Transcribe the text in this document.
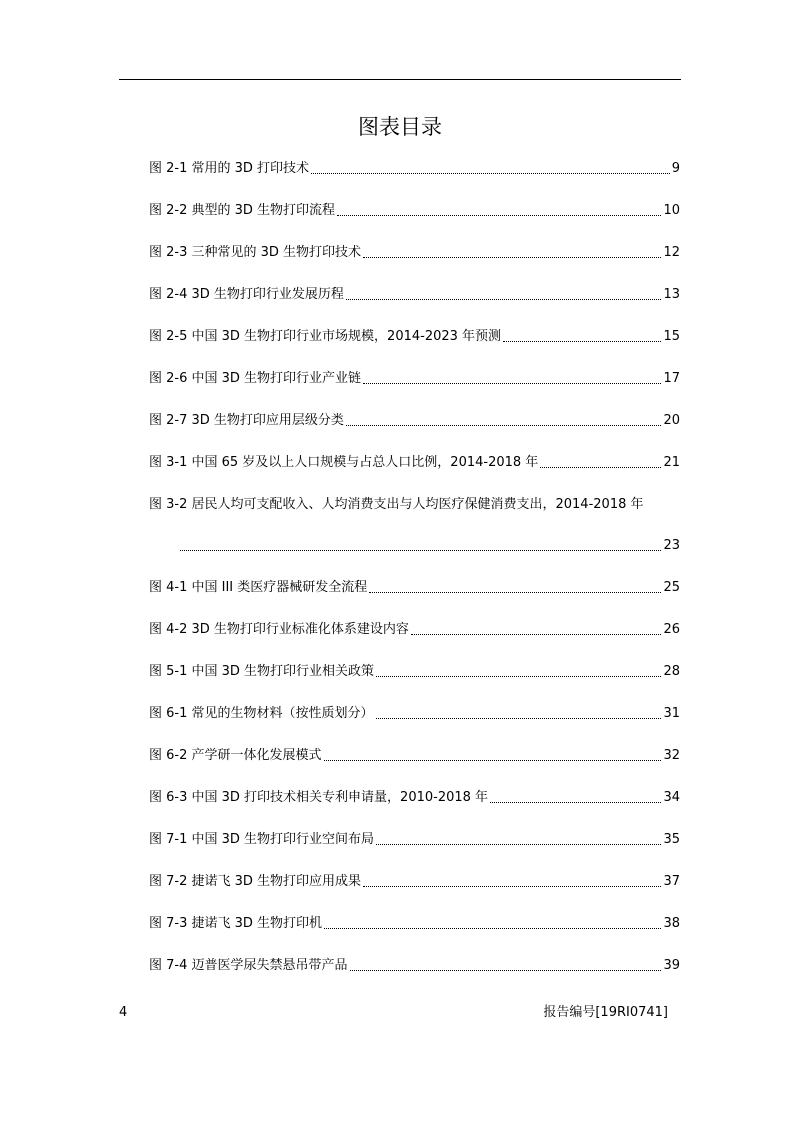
图表目录
图 2-1 常用的 3D 打印技术	9
图 2-2 典型的 3D 生物打印流程	10
图 2-3 三种常见的 3D 生物打印技术	12
图 2-4 3D 生物打印行业发展历程	13
图 2-5 中国 3D 生物打印行业市场规模，2014-2023 年预测	15
图 2-6 中国 3D 生物打印行业产业链	17
图 2-7 3D 生物打印应用层级分类	20
图 3-1 中国 65 岁及以上人口规模与占总人口比例，2014-2018 年	21
图 3-2 居民人均可支配收入、人均消费支出与人均医疗保健消费支出，2014-2018 年
23
图 4-1 中国 III 类医疗器械研发全流程	25
图 4-2 3D 生物打印行业标准化体系建设内容	26
图 5-1 中国 3D 生物打印行业相关政策	28
图 6-1 常见的生物材料（按性质划分）	31
图 6-2 产学研一体化发展模式	32
图 6-3 中国 3D 打印技术相关专利申请量，2010-2018 年	34
图 7-1 中国 3D 生物打印行业空间布局	35
图 7-2 捷诺飞 3D 生物打印应用成果	37
图 7-3 捷诺飞 3D 生物打印机	38
图 7-4 迈普医学尿失禁悬吊带产品	39
4	报告编号[19RI0741]
